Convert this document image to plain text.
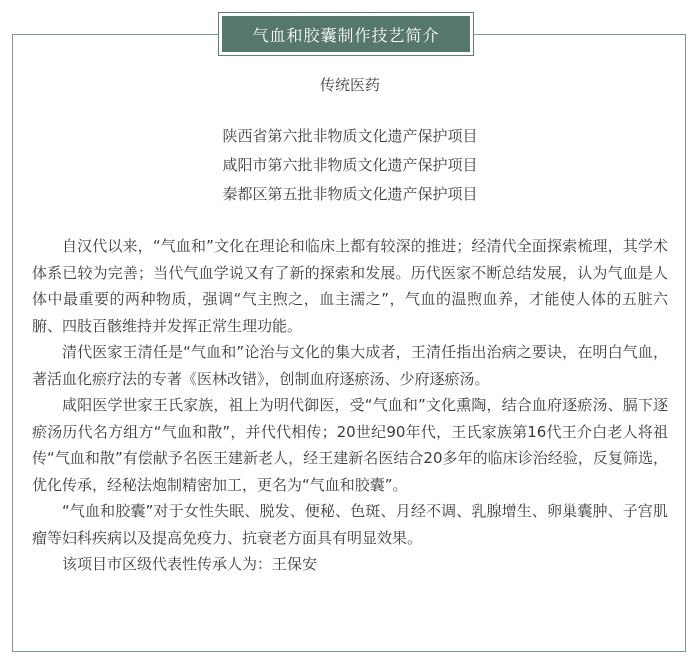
气血和胶囊制作技艺简介
传统医药
陕西省第六批非物质文化遗产保护项目
咸阳市第六批非物质文化遗产保护项目
秦都区第五批非物质文化遗产保护项目

自汉代以来，“气血和”文化在理论和临床上都有较深的推进；经清代全面探索梳理，其学术体系已较为完善；当代气血学说又有了新的探索和发展。历代医家不断总结发展，认为气血是人体中最重要的两种物质，强调“气主煦之，血主濡之”，气血的温煦血养，才能使人体的五脏六腑、四肢百骸维持并发挥正常生理功能。

清代医家王清任是“气血和”论治与文化的集大成者，王清任指出治病之要诀，在明白气血，著活血化瘀疗法的专著《医林改错》，创制血府逐瘀汤、少府逐瘀汤。

咸阳医学世家王氏家族，祖上为明代御医，受“气血和”文化熏陶，结合血府逐瘀汤、膈下逐瘀汤历代名方组方“气血和散”，并代代相传；20世纪90年代，王氏家族第16代王介白老人将祖传“气血和散”有偿献予名医王建新老人，经王建新名医结合20多年的临床诊治经验，反复筛选，优化传承，经秘法炮制精密加工，更名为“气血和胶囊”。

“气血和胶囊”对于女性失眠、脱发、便秘、色斑、月经不调、乳腺增生、卵巢囊肿、子宫肌瘤等妇科疾病以及提高免疫力、抗衰老方面具有明显效果。

该项目市区级代表性传承人为：王保安
